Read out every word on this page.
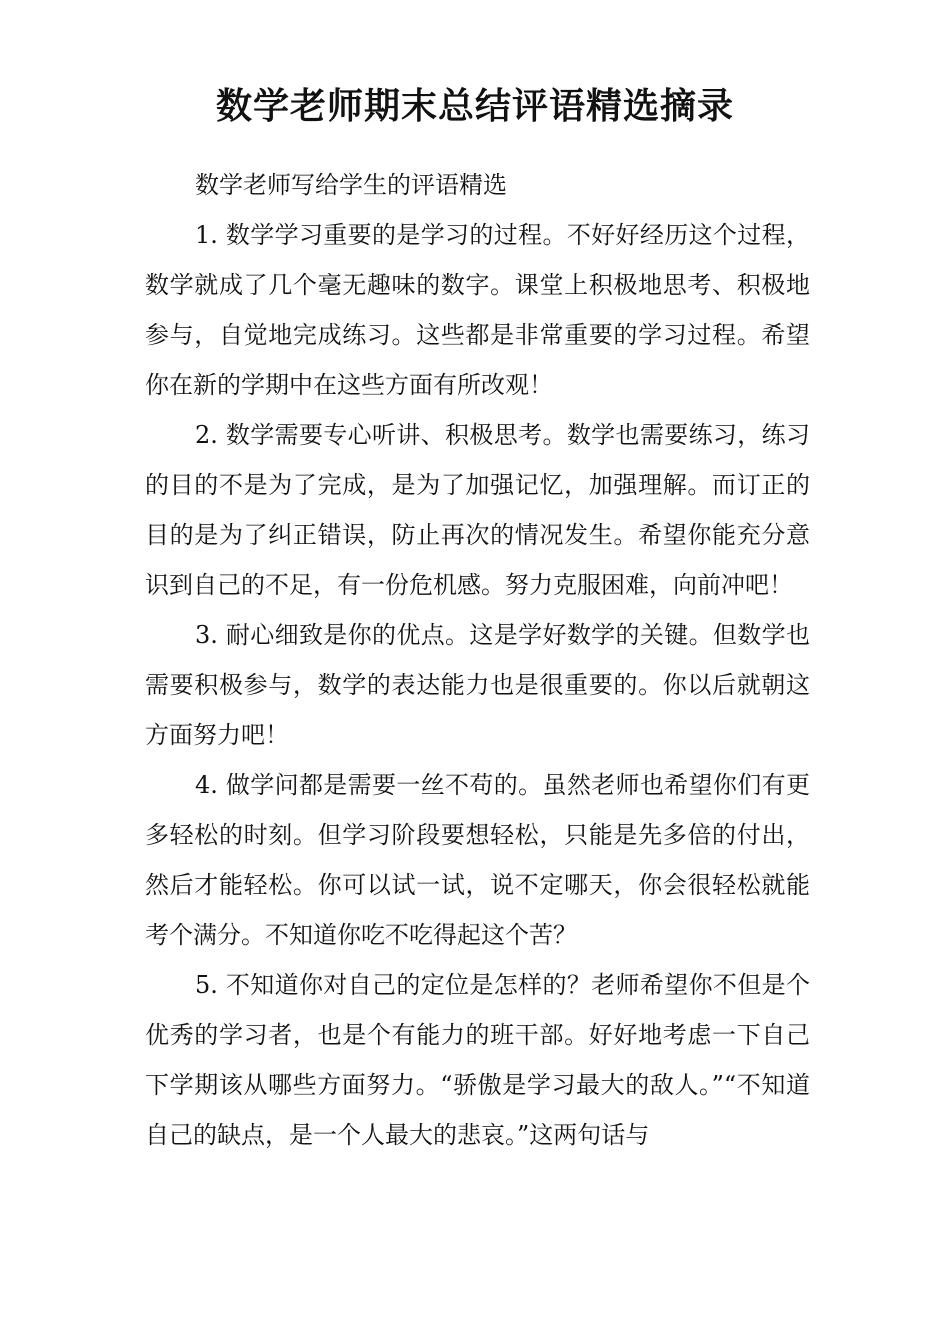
数学老师期末总结评语精选摘录

数学老师写给学生的评语精选

1. 数学学习重要的是学习的过程。不好好经历这个过程，数学就成了几个毫无趣味的数字。课堂上积极地思考、积极地参与，自觉地完成练习。这些都是非常重要的学习过程。希望你在新的学期中在这些方面有所改观！

2. 数学需要专心听讲、积极思考。数学也需要练习，练习的目的不是为了完成，是为了加强记忆，加强理解。而订正的目的是为了纠正错误，防止再次的情况发生。希望你能充分意识到自己的不足，有一份危机感。努力克服困难，向前冲吧！

3. 耐心细致是你的优点。这是学好数学的关键。但数学也需要积极参与，数学的表达能力也是很重要的。你以后就朝这方面努力吧！

4. 做学问都是需要一丝不苟的。虽然老师也希望你们有更多轻松的时刻。但学习阶段要想轻松，只能是先多倍的付出，然后才能轻松。你可以试一试，说不定哪天，你会很轻松就能考个满分。不知道你吃不吃得起这个苦？

5. 不知道你对自己的定位是怎样的？老师希望你不但是个优秀的学习者，也是个有能力的班干部。好好地考虑一下自己下学期该从哪些方面努力。“骄傲是学习最大的敌人。”“不知道自己的缺点，是一个人最大的悲哀。”这两句话与
